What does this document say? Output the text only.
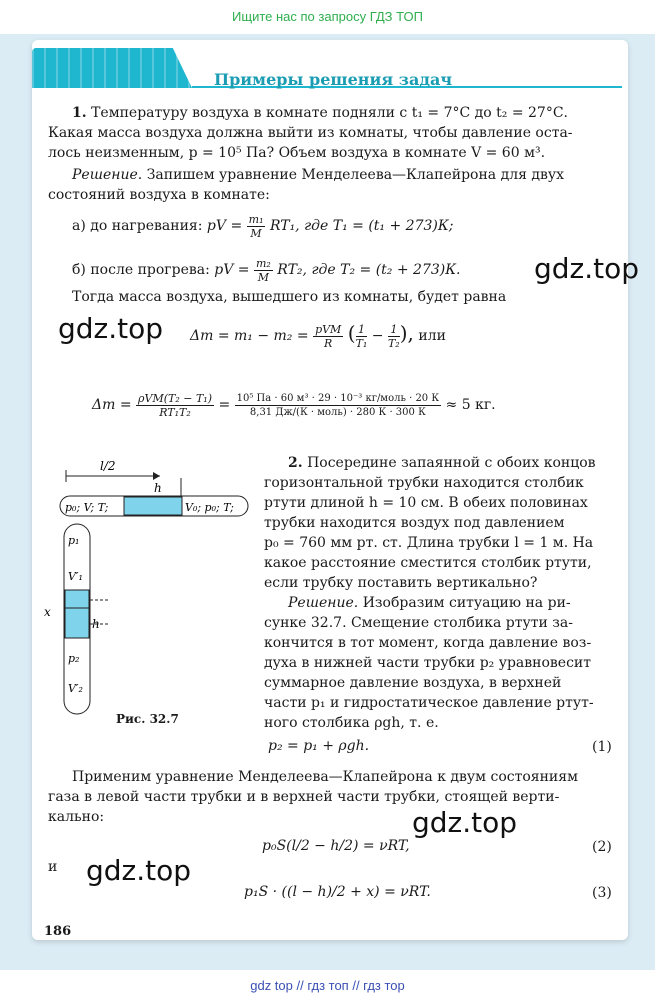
Ищите нас по запросу ГДЗ ТОП
Примеры решения задач
1. Температуру воздуха в комнате подняли с t₁ = 7°С до t₂ = 27°С.
Какая масса воздуха должна выйти из комнаты, чтобы давление оста-
лось неизменным, p = 10⁵ Па? Объем воздуха в комнате V = 60 м³.
Решение. Запишем уравнение Менделеева—Клапейрона для двух
состояний воздуха в комнате:
а) до нагревания: pV = $\frac{\text{m₁}}{M} RT_1$, где T₁ = (t₁ + 273)К;
б) после прогрева: pV = $\frac{\text{m₂}}{M} RT_2$, где T₂ = (t₂ + 273)К.
Тогда масса воздуха, вышедшего из комнаты, будет равна
$\Delta m = m_1 - m_2 = \frac{\text{pVM}}{R}$ ( $\frac{1}{\text{T₁}} - \frac{1}{\text{T₂}}$ ), или
$\Delta m = \frac{\text{ρVM(T₂ − T₁)}}{\text{RT₁T₂}} = \frac{\text{10⁵ Па · 60 м³ · 29 · 10⁻³ кг/моль · 20 К}}{\text{8,31 Дж/(К · моль) · 280 К · 300 К}} \approx 5$ кг.
l/2
h
p₀; V; T;	V₀; p₀; T;
p₁
V′₁
h
x
p₂
V′₂
Рис. 32.7
2. Посередине запаянной с обоих концов
горизонтальной трубки находится столбик
ртути длиной h = 10 см. В обеих половинах
трубки находится воздух под давлением
p₀ = 760 мм рт. ст. Длина трубки l = 1 м. На
какое расстояние сместится столбик ртути,
если трубку поставить вертикально?
Решение. Изобразим ситуацию на ри-
сунке 32.7. Смещение столбика ртути за-
кончится в тот момент, когда давление воз-
духа в нижней части трубки p₂ уравновесит
суммарное давление воздуха, в верхней
части p₁ и гидростатическое давление ртут-
ного столбика ρgh, т. е.
p₂ = p₁ + ρgh.	(1)
Применим уравнение Менделеева—Клапейрона к двум состояниям
газа в левой части трубки и в верхней части трубки, стоящей верти-
кально:
p₀S(l/2 − h/2) = νRT,	(2)
и
p₁S · ((l − h)/2 + x) = νRT.	(3)
186
gdz.top
gdz.top
gdz.top
gdz.top
gdz top // гдз топ // гдз тор
